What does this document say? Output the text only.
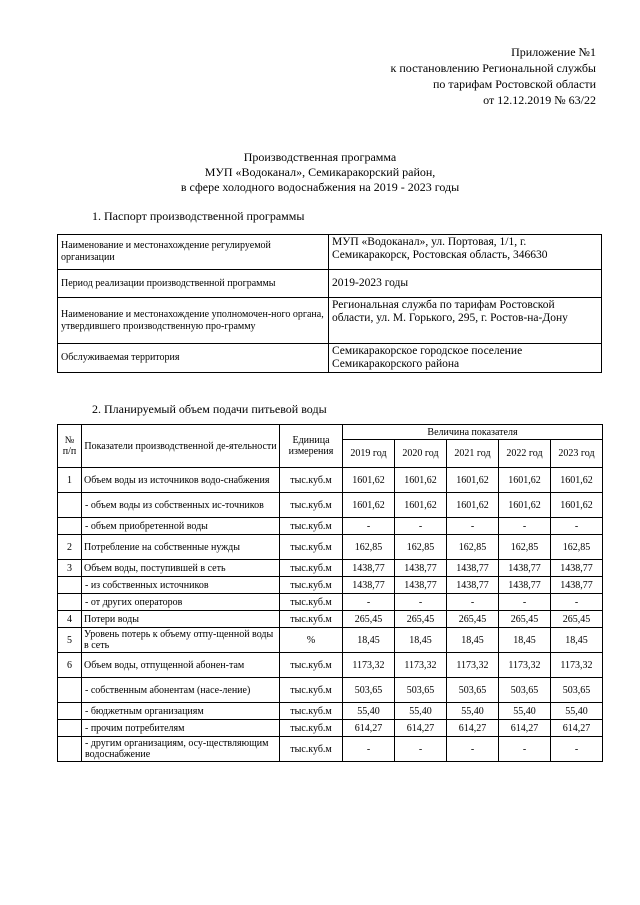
Приложение №1
к постановлению Региональной службы
по тарифам Ростовской области
от 12.12.2019 № 63/22
Производственная программа
МУП «Водоканал», Семикаракорский район,
в сфере холодного водоснабжения на 2019 - 2023 годы
1. Паспорт производственной программы
Наименование и местонахождение регулируемой организации	МУП «Водоканал», ул. Портовая, 1/1, г. Семикаракорск, Ростовская область, 346630
Период реализации производственной программы	2019-2023 годы
Наименование и местонахождение уполномочен-ного органа, утвердившего производственную про-грамму	Региональная служба по тарифам Ростовской области, ул. М. Горького, 295, г. Ростов-на-Дону
Обслуживаемая территория	Семикаракорское городское поселение Семикаракорского района
2. Планируемый объем подачи питьевой воды
№ п/п	Показатели производственной де-ятельности	Единица измерения	Величина показателя				
			2019 год	2020 год	2021 год	2022 год	2023 год
1	Объем воды из источников водо-снабжения	тыс.куб.м	1601,62	1601,62	1601,62	1601,62	1601,62
	- объем воды из собственных ис-точников	тыс.куб.м	1601,62	1601,62	1601,62	1601,62	1601,62
	- объем приобретенной воды	тыс.куб.м	-	-	-	-	-
2	Потребление на собственные нужды	тыс.куб.м	162,85	162,85	162,85	162,85	162,85
3	Объем воды, поступившей в сеть	тыс.куб.м	1438,77	1438,77	1438,77	1438,77	1438,77
	- из собственных источников	тыс.куб.м	1438,77	1438,77	1438,77	1438,77	1438,77
	- от других операторов	тыс.куб.м	-	-	-	-	-
4	Потери воды	тыс.куб.м	265,45	265,45	265,45	265,45	265,45
5	Уровень потерь к объему отпу-щенной воды в сеть	%	18,45	18,45	18,45	18,45	18,45
6	Объем воды, отпущенной абонен-там	тыс.куб.м	1173,32	1173,32	1173,32	1173,32	1173,32
	- собственным абонентам (насе-ление)	тыс.куб.м	503,65	503,65	503,65	503,65	503,65
	- бюджетным организациям	тыс.куб.м	55,40	55,40	55,40	55,40	55,40
	- прочим потребителям	тыс.куб.м	614,27	614,27	614,27	614,27	614,27
	- другим организациям, осу-ществляющим водоснабжение	тыс.куб.м	-	-	-	-	-
